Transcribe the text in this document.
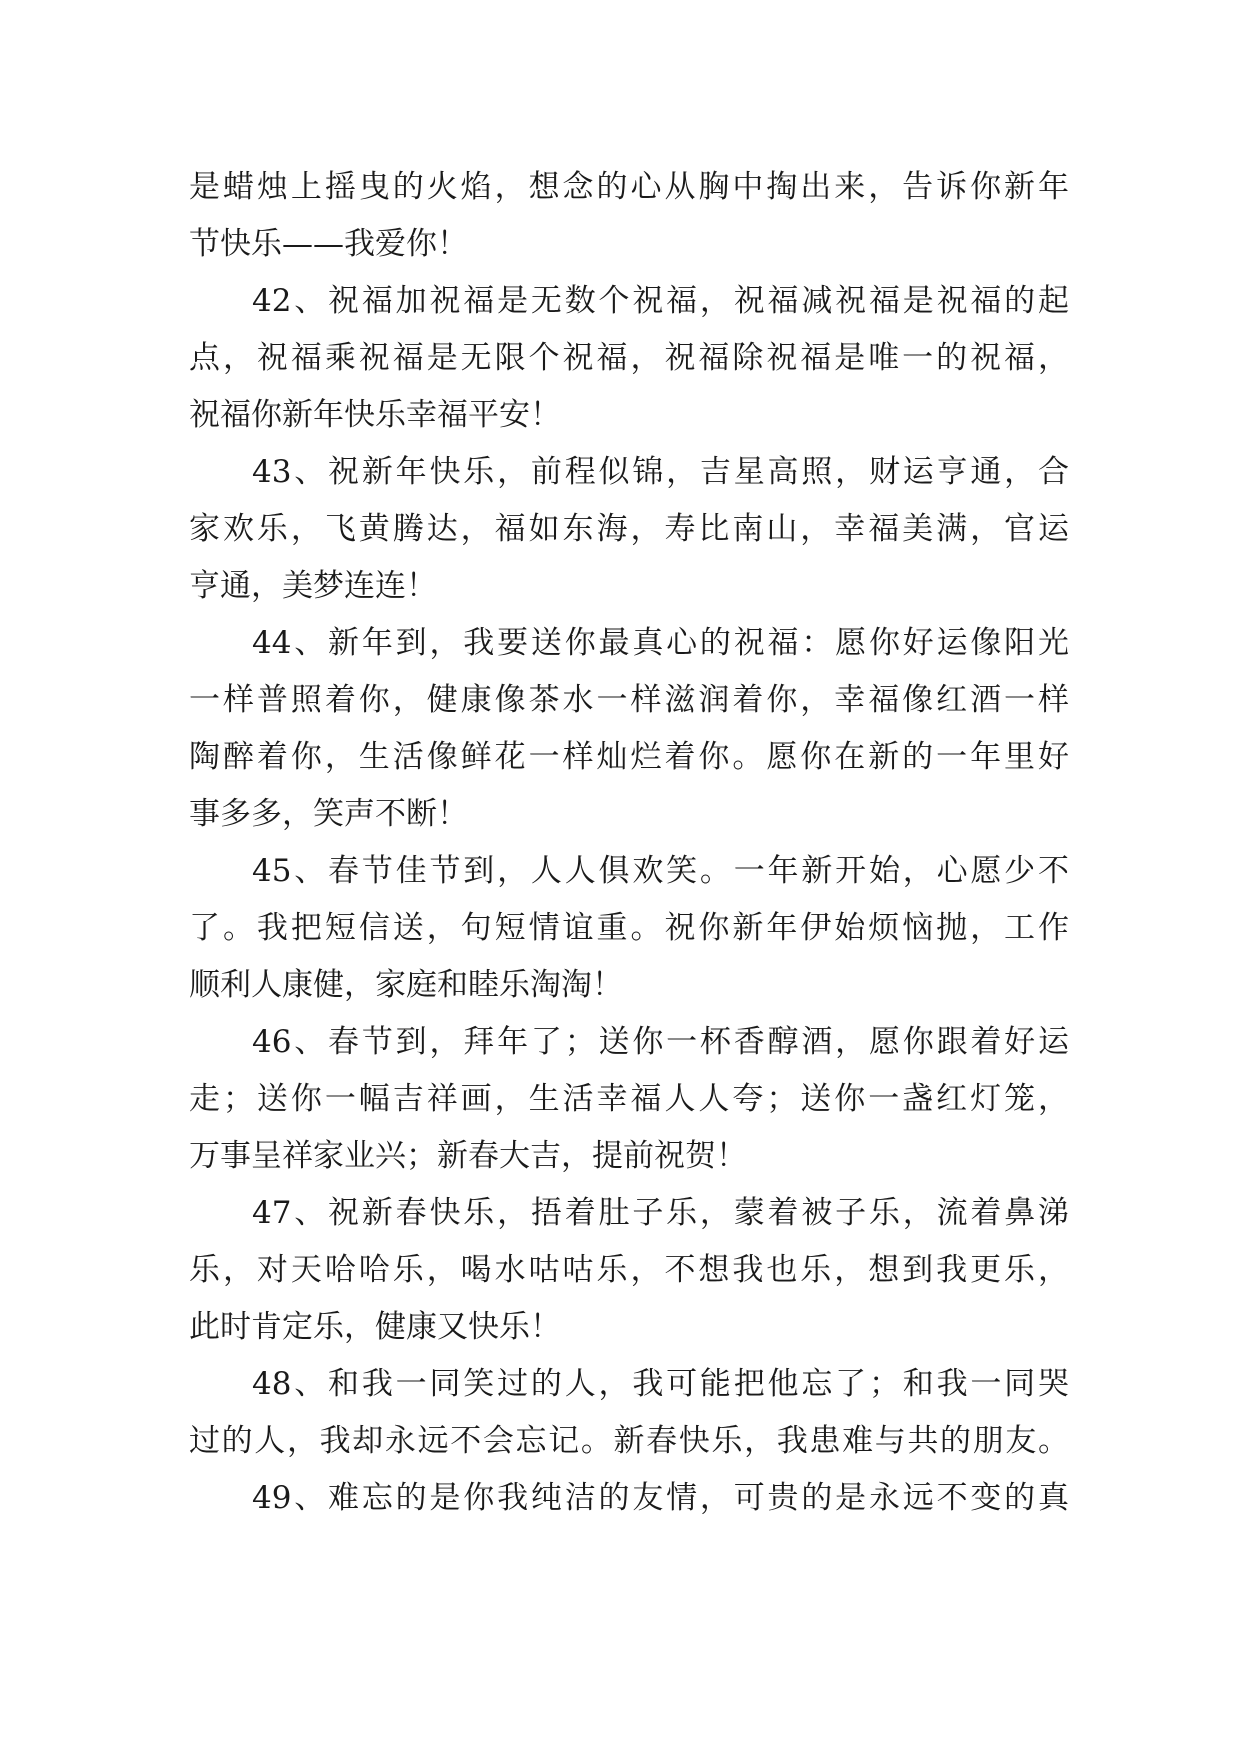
是蜡烛上摇曳的火焰，想念的心从胸中掏出来，告诉你新年
节快乐——我爱你！
42、祝福加祝福是无数个祝福，祝福减祝福是祝福的起
点，祝福乘祝福是无限个祝福，祝福除祝福是唯一的祝福，
祝福你新年快乐幸福平安！
43、祝新年快乐，前程似锦，吉星高照，财运亨通，合
家欢乐，飞黄腾达，福如东海，寿比南山，幸福美满，官运
亨通，美梦连连！
44、新年到，我要送你最真心的祝福：愿你好运像阳光
一样普照着你，健康像茶水一样滋润着你，幸福像红酒一样
陶醉着你，生活像鲜花一样灿烂着你。愿你在新的一年里好
事多多，笑声不断！
45、春节佳节到，人人俱欢笑。一年新开始，心愿少不
了。我把短信送，句短情谊重。祝你新年伊始烦恼抛，工作
顺利人康健，家庭和睦乐淘淘！
46、春节到，拜年了；送你一杯香醇酒，愿你跟着好运
走；送你一幅吉祥画，生活幸福人人夸；送你一盏红灯笼，
万事呈祥家业兴；新春大吉，提前祝贺！
47、祝新春快乐，捂着肚子乐，蒙着被子乐，流着鼻涕
乐，对天哈哈乐，喝水咕咕乐，不想我也乐，想到我更乐，
此时肯定乐，健康又快乐！
48、和我一同笑过的人，我可能把他忘了；和我一同哭
过的人，我却永远不会忘记。新春快乐，我患难与共的朋友。
49、难忘的是你我纯洁的友情，可贵的是永远不变的真
